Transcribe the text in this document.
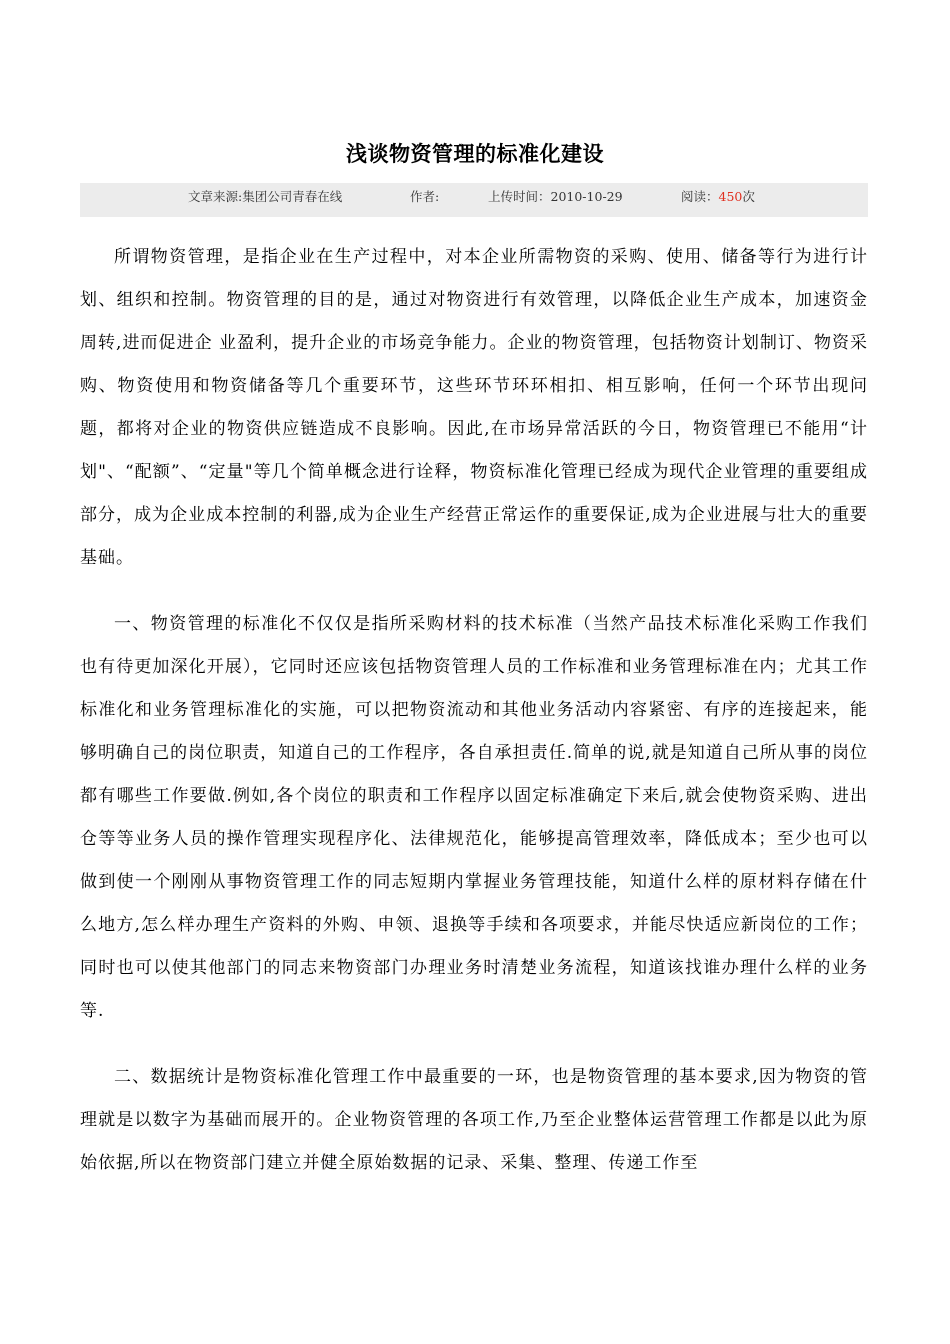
浅谈物资管理的标准化建设
文章来源:集团公司青春在线	作者:	上传时间：2010-10-29	阅读：450次

所谓物资管理，是指企业在生产过程中，对本企业所需物资的采购、使用、储备等行为进行计划、组织和控制。物资管理的目的是，通过对物资进行有效管理，以降低企业生产成本，加速资金周转,进而促进企 业盈利，提升企业的市场竞争能力。企业的物资管理，包括物资计划制订、物资采购、物资使用和物资储备等几个重要环节，这些环节环环相扣、相互影响，任何一个环节出现问题，都将对企业的物资供应链造成不良影响。因此,在市场异常活跃的今日，物资管理已不能用“计划"、“配额”、“定量"等几个简单概念进行诠释，物资标准化管理已经成为现代企业管理的重要组成部分，成为企业成本控制的利器,成为企业生产经营正常运作的重要保证,成为企业进展与壮大的重要基础。

一、物资管理的标准化不仅仅是指所采购材料的技术标准（当然产品技术标准化采购工作我们也有待更加深化开展），它同时还应该包括物资管理人员的工作标准和业务管理标准在内；尤其工作标准化和业务管理标准化的实施，可以把物资流动和其他业务活动内容紧密、有序的连接起来，能够明确自己的岗位职责，知道自己的工作程序，各自承担责任.简单的说,就是知道自己所从事的岗位都有哪些工作要做.例如,各个岗位的职责和工作程序以固定标准确定下来后,就会使物资采购、进出仓等等业务人员的操作管理实现程序化、法律规范化，能够提高管理效率，降低成本；至少也可以做到使一个刚刚从事物资管理工作的同志短期内掌握业务管理技能，知道什么样的原材料存储在什么地方,怎么样办理生产资料的外购、申领、退换等手续和各项要求，并能尽快适应新岗位的工作；同时也可以使其他部门的同志来物资部门办理业务时清楚业务流程，知道该找谁办理什么样的业务等.

二、数据统计是物资标准化管理工作中最重要的一环，也是物资管理的基本要求,因为物资的管理就是以数字为基础而展开的。企业物资管理的各项工作,乃至企业整体运营管理工作都是以此为原始依据,所以在物资部门建立并健全原始数据的记录、采集、整理、传递工作至
